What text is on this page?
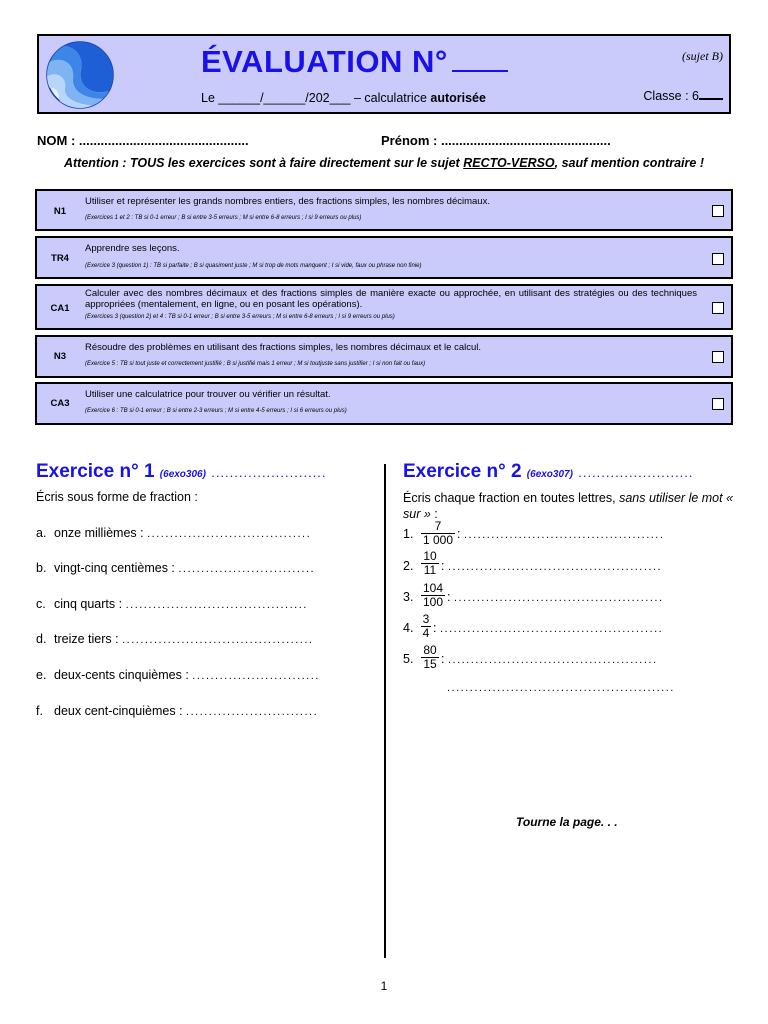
ÉVALUATION N°
Le ______/______/202___ – calculatrice autorisée
(sujet B)
Classe : 6
NOM : ...............................................	Prénom : ...............................................
Attention : TOUS les exercices sont à faire directement sur le sujet RECTO-VERSO, sauf mention contraire !
N1
Utiliser et représenter les grands nombres entiers, des fractions simples, les nombres décimaux.
(Exercices 1 et 2 : TB si 0-1 erreur ; B si entre 3-5 erreurs ; M si entre 6-8 erreurs ; I si 9 erreurs ou plus)
TR4
Apprendre ses leçons.
(Exercice 3 (question 1) : TB si parfaite ; B si quasiment juste ; M si trop de mots manquent ; I si vide, faux ou phrase non finie)
CA1
Calculer avec des nombres décimaux et des fractions simples de manière exacte ou approchée, en utilisant des stratégies ou des techniques appropriées (mentalement, en ligne, ou en posant les opérations).
(Exercices 3 (question 2) et 4 : TB si 0-1 erreur ; B si entre 3-5 erreurs ; M si entre 6-8 erreurs ; I si 9 erreurs ou plus)
N3
Résoudre des problèmes en utilisant des fractions simples, les nombres décimaux et le calcul.
(Exercice 5 : TB si tout juste et correctement justifié ; B si justifié mais 1 erreur ; M si toutjuste sans justifier ; I si non fait ou faux)
CA3
Utiliser une calculatrice pour trouver ou vérifier un résultat.
(Exercice 6 : TB si 0-1 erreur ; B si entre 2-3 erreurs ; M si entre 4-5 erreurs ; I si 6 erreurs ou plus)
Exercice n° 1 (6exo306) .........................
Écris sous forme de fraction :
a. onze millièmes : ....................................
b. vingt-cinq centièmes : ..............................
c. cinq quarts : ........................................
d. treize tiers : ..........................................
e. deux-cents cinquièmes : ............................
f. deux cent-cinquièmes : .............................
Exercice n° 2 (6exo307) .........................
Écris chaque fraction en toutes lettres, sans utiliser le mot « sur » :
1. $\frac{7}{1 000}$ : ............................................
2. $\frac{10}{11}$ : ...............................................
3. $\frac{104}{100}$ : ..............................................
4. $\frac{3}{4}$ : .................................................
5. $\frac{80}{15}$ : ..............................................
..................................................
Tourne la page. . .
1
